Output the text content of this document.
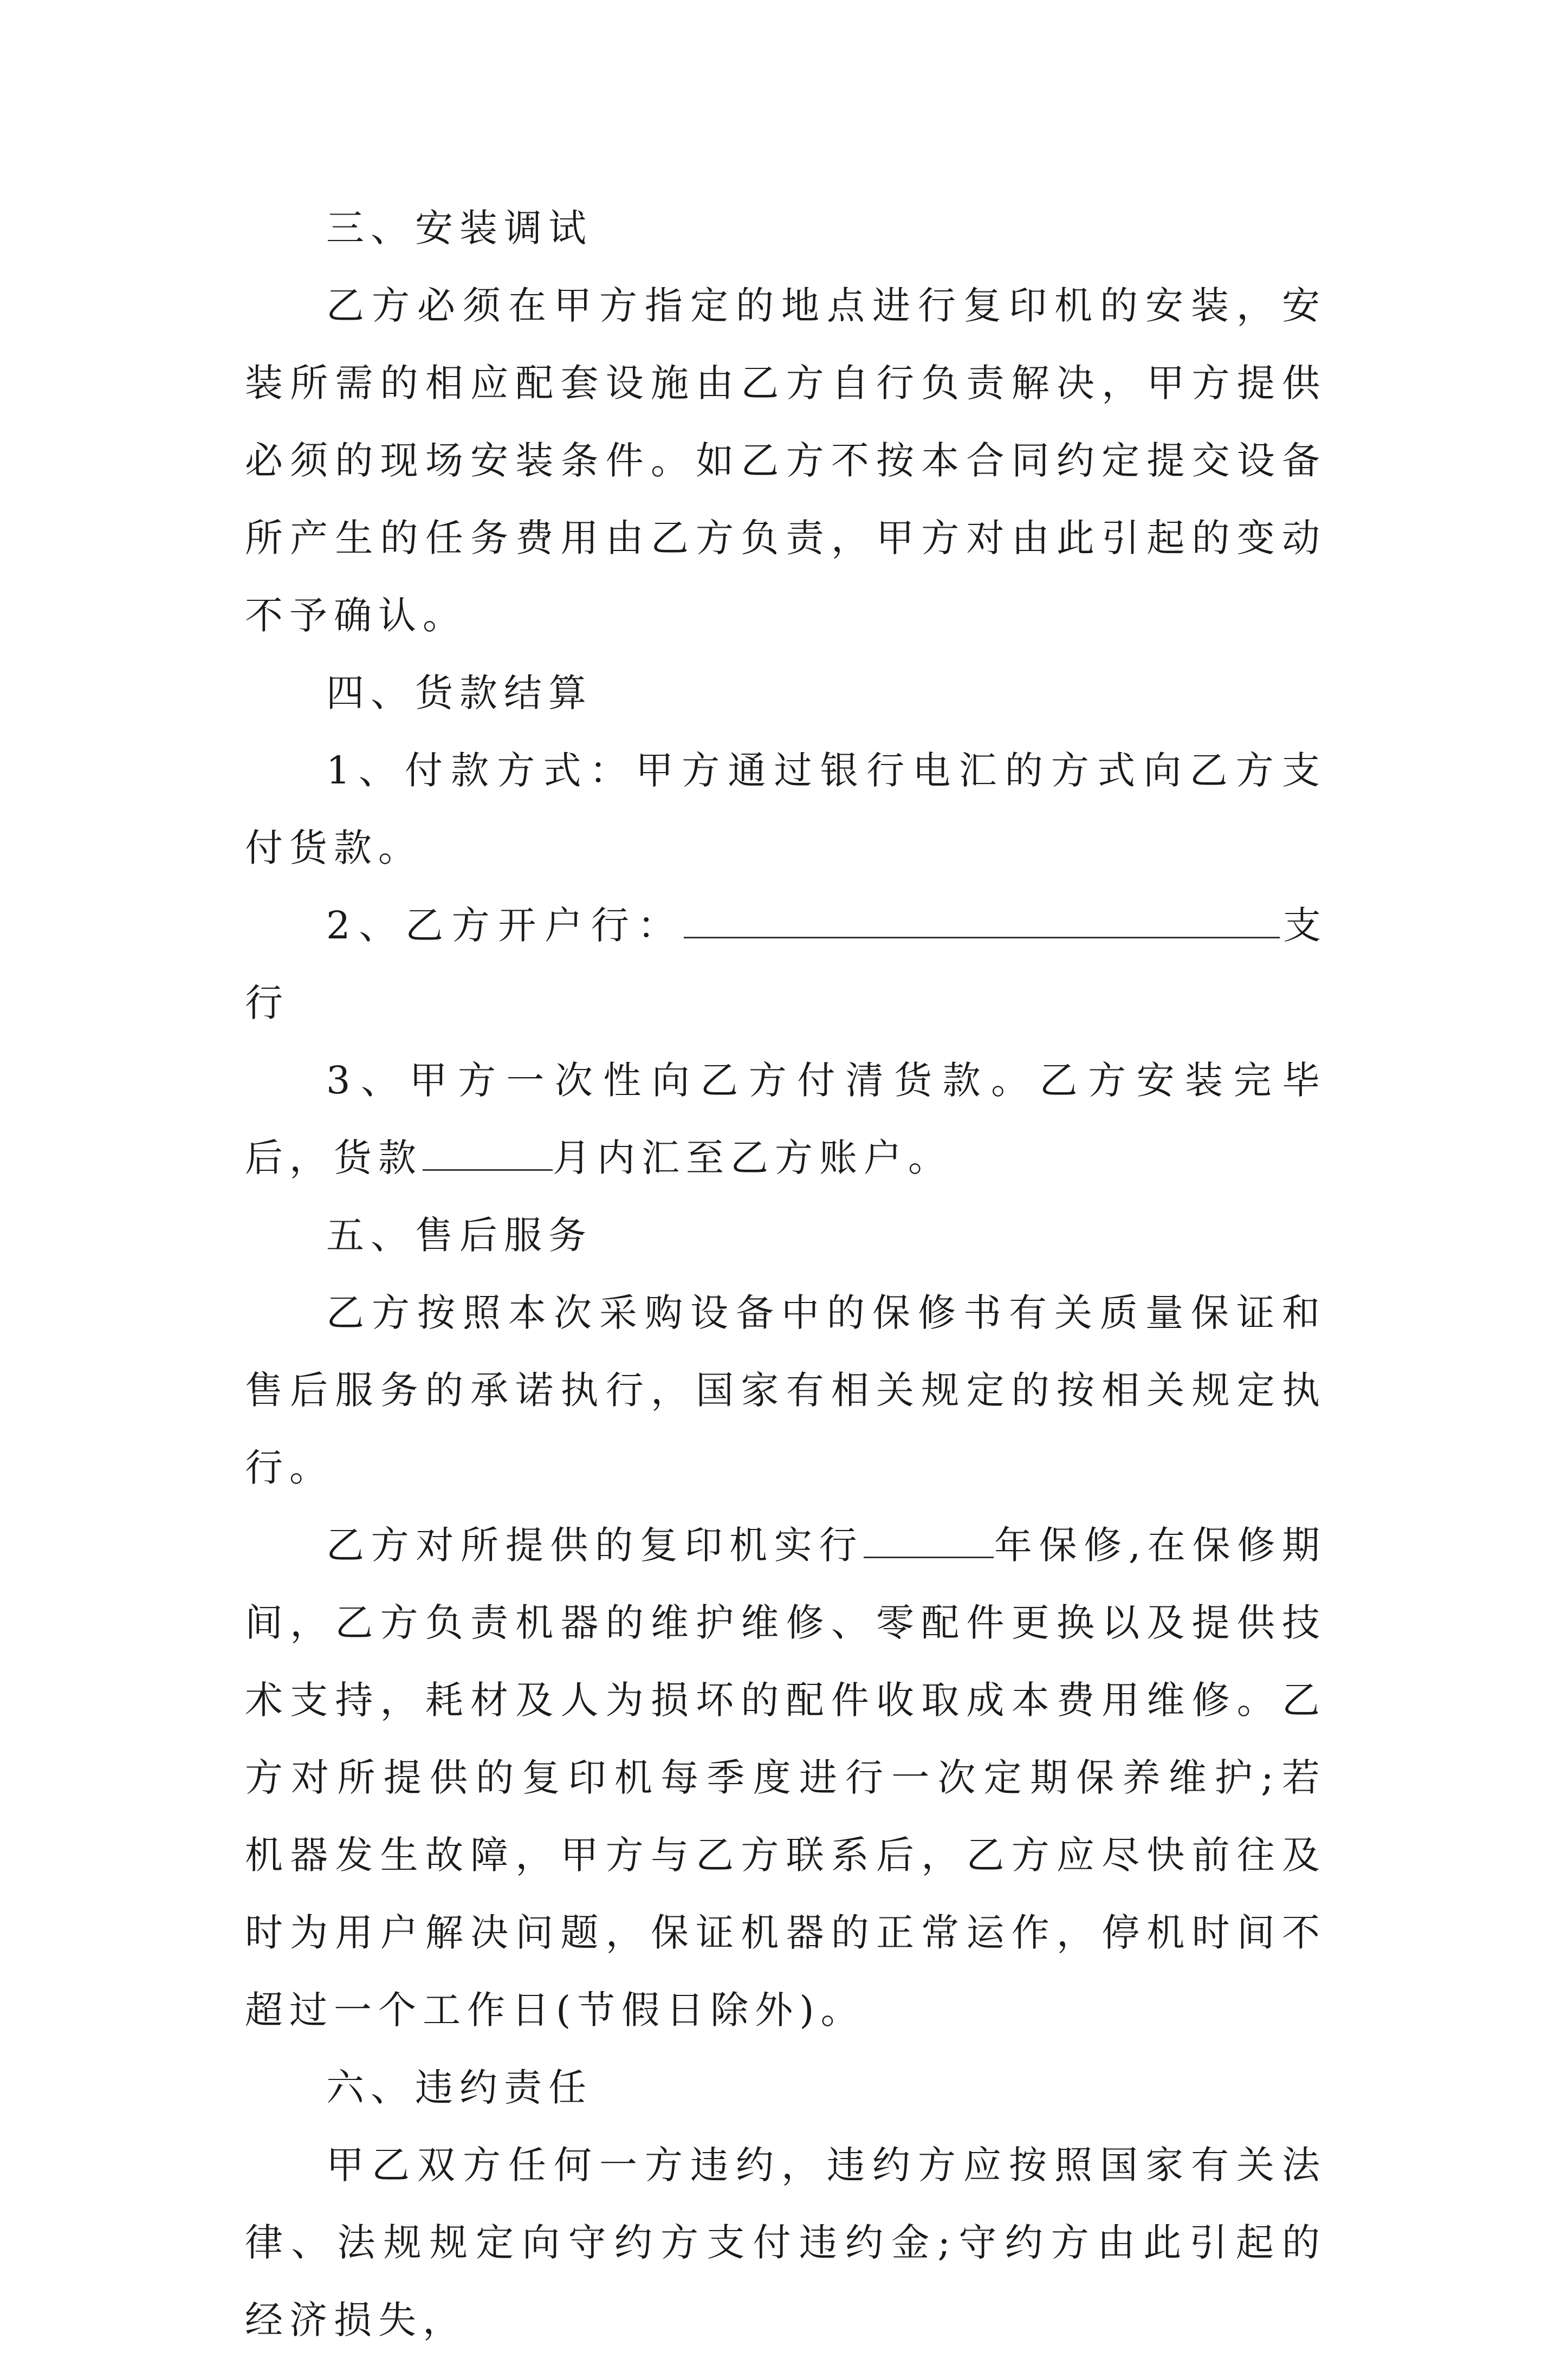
三、安装调试

乙方必须在甲方指定的地点进行复印机的安装，安装所需的相应配套设施由乙方自行负责解决，甲方提供必须的现场安装条件。如乙方不按本合同约定提交设备所产生的任务费用由乙方负责，甲方对由此引起的变动不予确认。

四、货款结算

1、付款方式：甲方通过银行电汇的方式向乙方支付货款。

2、乙方开户行：	支行

3、甲方一次性向乙方付清货款。乙方安装完毕后，货款	月内汇至乙方账户。

五、售后服务

乙方按照本次采购设备中的保修书有关质量保证和售后服务的承诺执行，国家有相关规定的按相关规定执行。

乙方对所提供的复印机实行	年保修,在保修期间，乙方负责机器的维护维修、零配件更换以及提供技术支持，耗材及人为损坏的配件收取成本费用维修。乙方对所提供的复印机每季度进行一次定期保养维护;若机器发生故障，甲方与乙方联系后，乙方应尽快前往及时为用户解决问题，保证机器的正常运作，停机时间不超过一个工作日(节假日除外)。

六、违约责任

甲乙双方任何一方违约，违约方应按照国家有关法律、法规规定向守约方支付违约金;守约方由此引起的经济损失，
